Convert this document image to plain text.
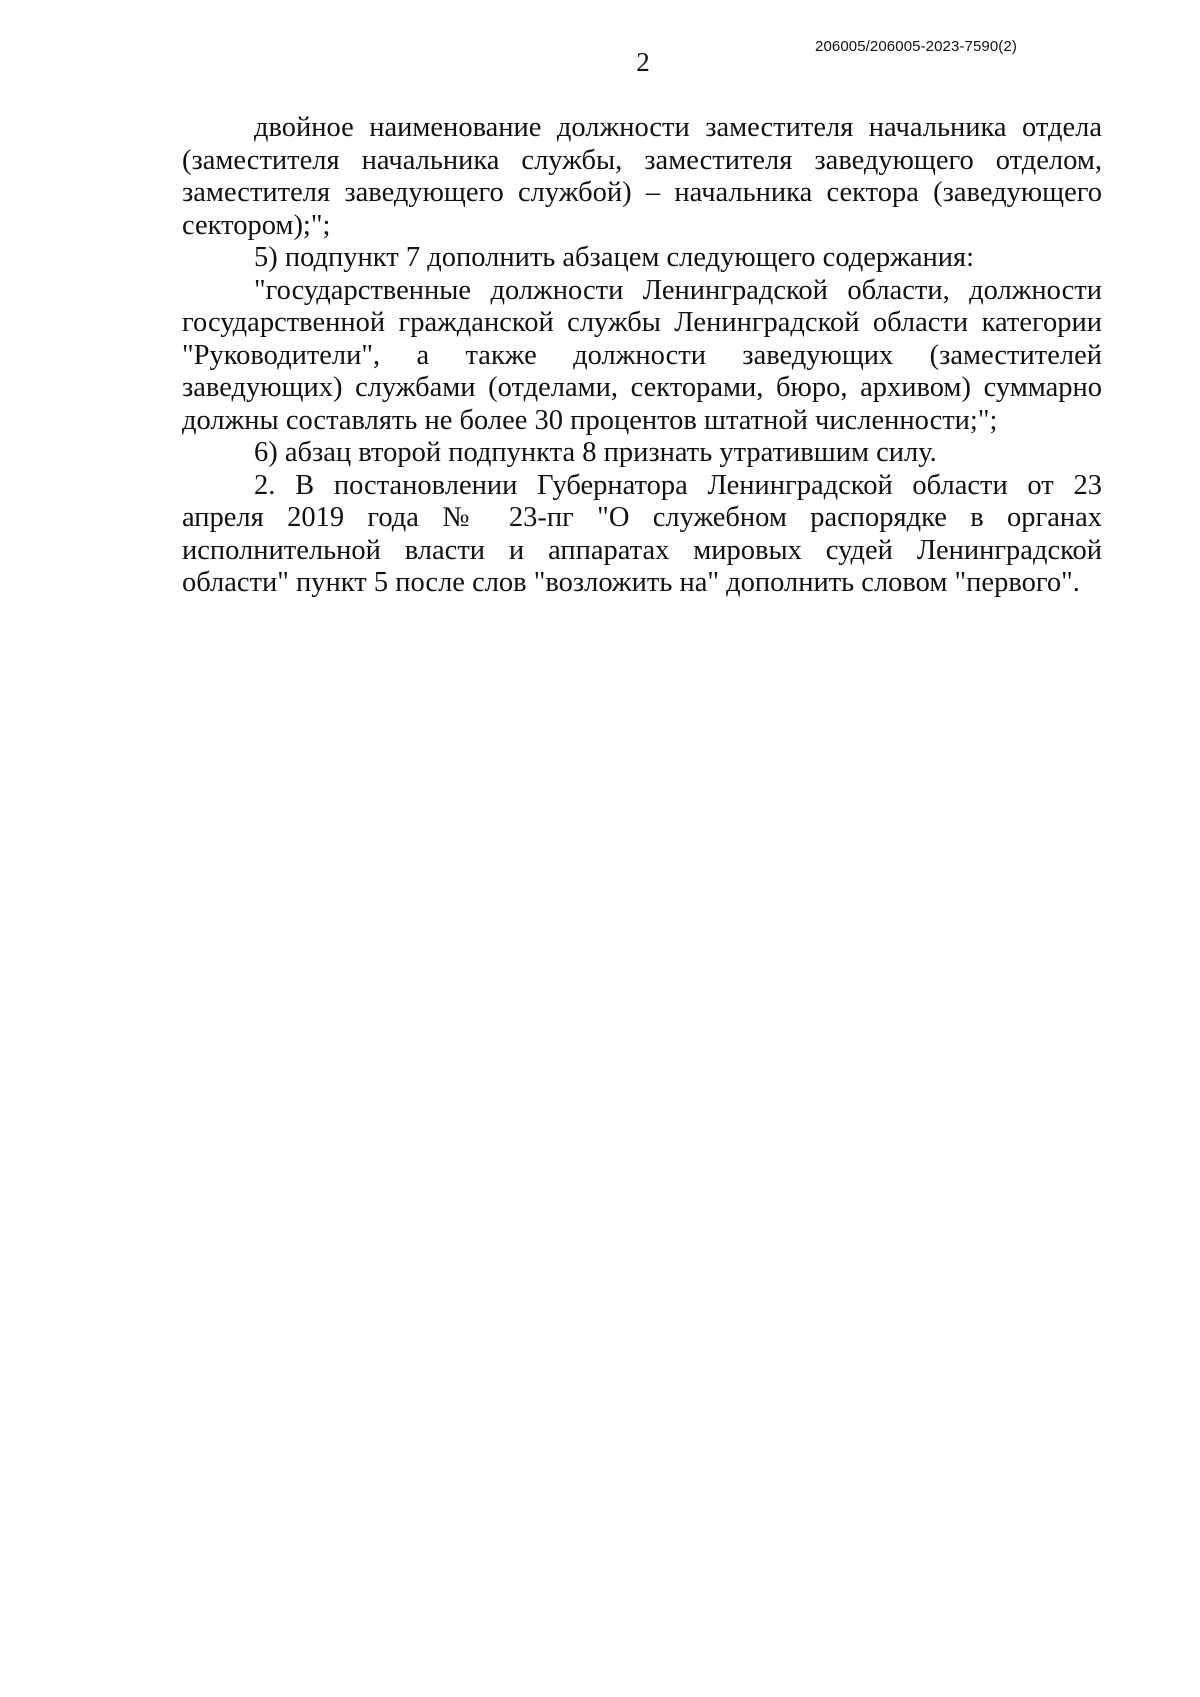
2
206005/206005-2023-7590(2)

двойное наименование должности заместителя начальника отдела (заместителя начальника службы, заместителя заведующего отделом, заместителя заведующего службой) – начальника сектора (заведующего сектором);";

5) подпункт 7 дополнить абзацем следующего содержания:

"государственные должности Ленинградской области, должности государственной гражданской службы Ленинградской области категории "Руководители", а также должности заведующих (заместителей заведующих) службами (отделами, секторами, бюро, архивом) суммарно должны составлять не более 30 процентов штатной численности;";

6) абзац второй подпункта 8 признать утратившим силу.

2. В постановлении Губернатора Ленинградской области от 23 апреля 2019 года № 23-пг "О служебном распорядке в органах исполнительной власти и аппаратах мировых судей Ленинградской области" пункт 5 после слов "возложить на" дополнить словом "первого".
